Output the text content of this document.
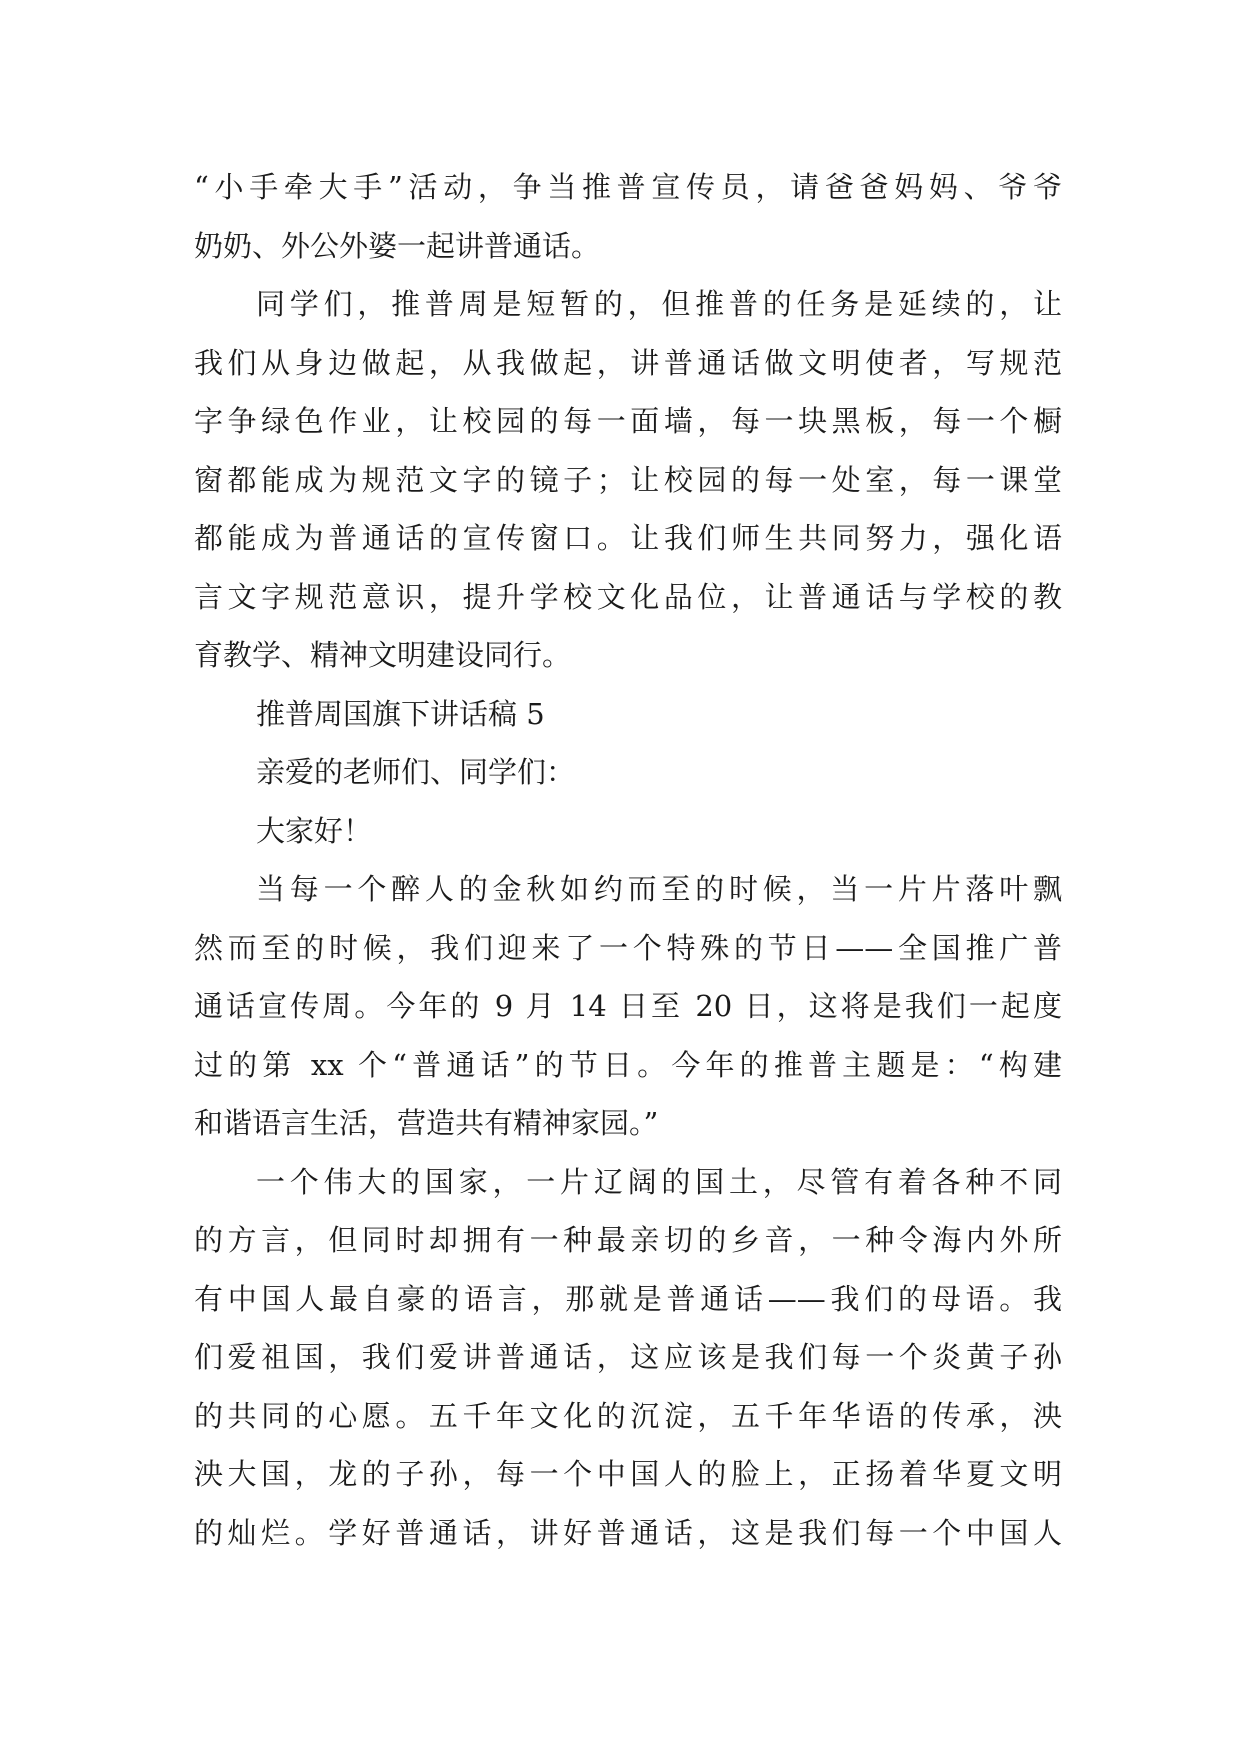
“小手牵大手”活动，争当推普宣传员，请爸爸妈妈、爷爷
奶奶、外公外婆一起讲普通话。
同学们，推普周是短暂的，但推普的任务是延续的，让
我们从身边做起，从我做起，讲普通话做文明使者，写规范
字争绿色作业，让校园的每一面墙，每一块黑板，每一个橱
窗都能成为规范文字的镜子；让校园的每一处室，每一课堂
都能成为普通话的宣传窗口。让我们师生共同努力，强化语
言文字规范意识，提升学校文化品位，让普通话与学校的教
育教学、精神文明建设同行。
推普周国旗下讲话稿 5
亲爱的老师们、同学们：
大家好！
当每一个醉人的金秋如约而至的时候，当一片片落叶飘
然而至的时候，我们迎来了一个特殊的节日——全国推广普
通话宣传周。今年的 9 月 14 日至 20 日，这将是我们一起度
过的第 xx 个“普通话”的节日。今年的推普主题是：“构建
和谐语言生活，营造共有精神家园。”
一个伟大的国家，一片辽阔的国土，尽管有着各种不同
的方言，但同时却拥有一种最亲切的乡音，一种令海内外所
有中国人最自豪的语言，那就是普通话——我们的母语。我
们爱祖国，我们爱讲普通话，这应该是我们每一个炎黄子孙
的共同的心愿。五千年文化的沉淀，五千年华语的传承，泱
泱大国，龙的子孙，每一个中国人的脸上，正扬着华夏文明
的灿烂。学好普通话，讲好普通话，这是我们每一个中国人
